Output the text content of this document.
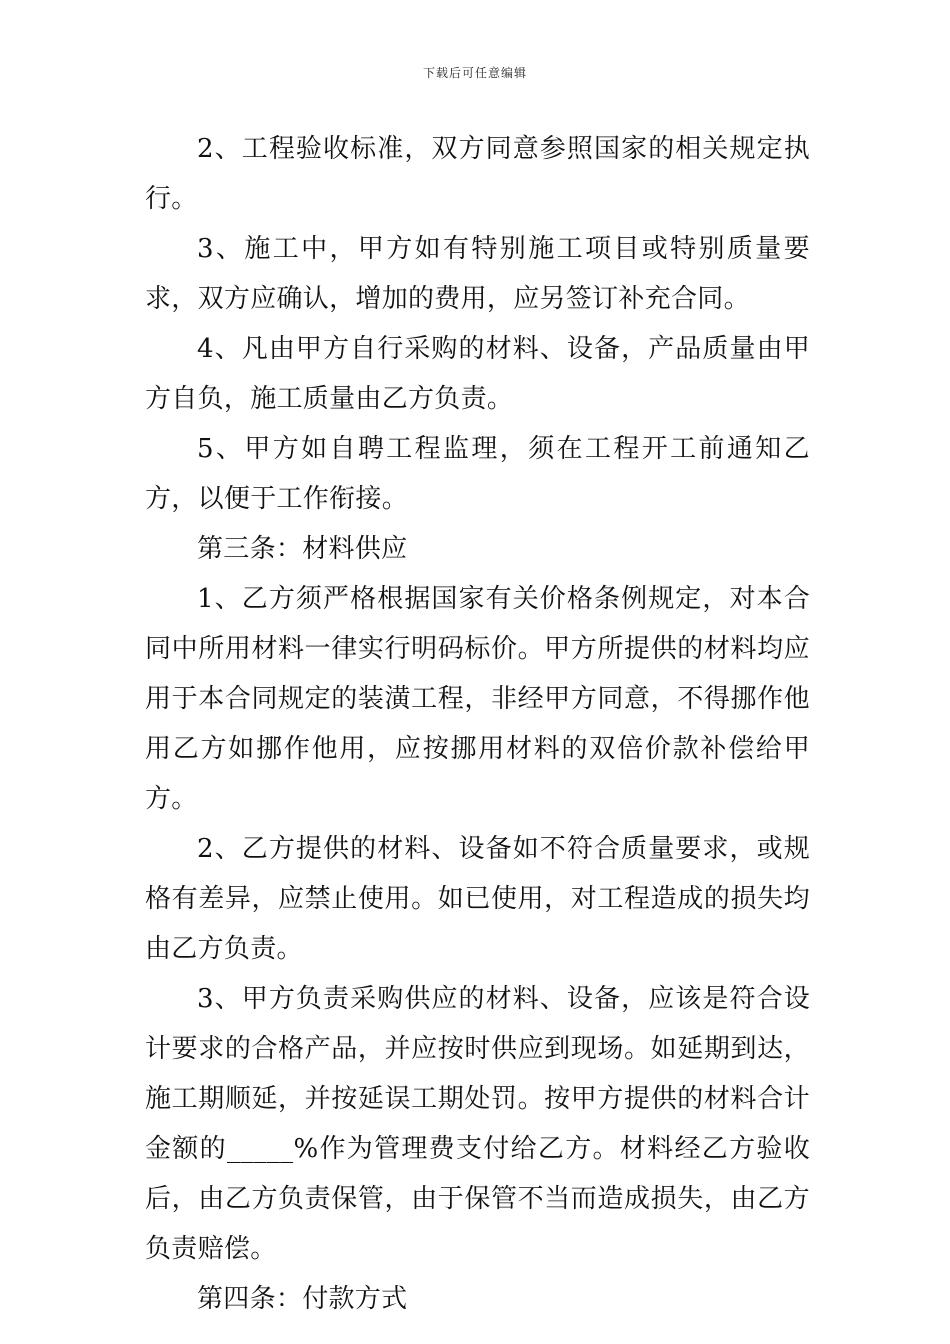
下载后可任意编辑

2、工程验收标准，双方同意参照国家的相关规定执行。

3、施工中，甲方如有特别施工项目或特别质量要求，双方应确认，增加的费用，应另签订补充合同。

4、凡由甲方自行采购的材料、设备，产品质量由甲方自负，施工质量由乙方负责。

5、甲方如自聘工程监理，须在工程开工前通知乙方，以便于工作衔接。

第三条：材料供应

1、乙方须严格根据国家有关价格条例规定，对本合同中所用材料一律实行明码标价。甲方所提供的材料均应用于本合同规定的装潢工程，非经甲方同意，不得挪作他用乙方如挪作他用，应按挪用材料的双倍价款补偿给甲方。

2、乙方提供的材料、设备如不符合质量要求，或规格有差异，应禁止使用。如已使用，对工程造成的损失均由乙方负责。

3、甲方负责采购供应的材料、设备，应该是符合设计要求的合格产品，并应按时供应到现场。如延期到达，施工期顺延，并按延误工期处罚。按甲方提供的材料合计金额的_____%作为管理费支付给乙方。材料经乙方验收后，由乙方负责保管，由于保管不当而造成损失，由乙方负责赔偿。

第四条：付款方式
